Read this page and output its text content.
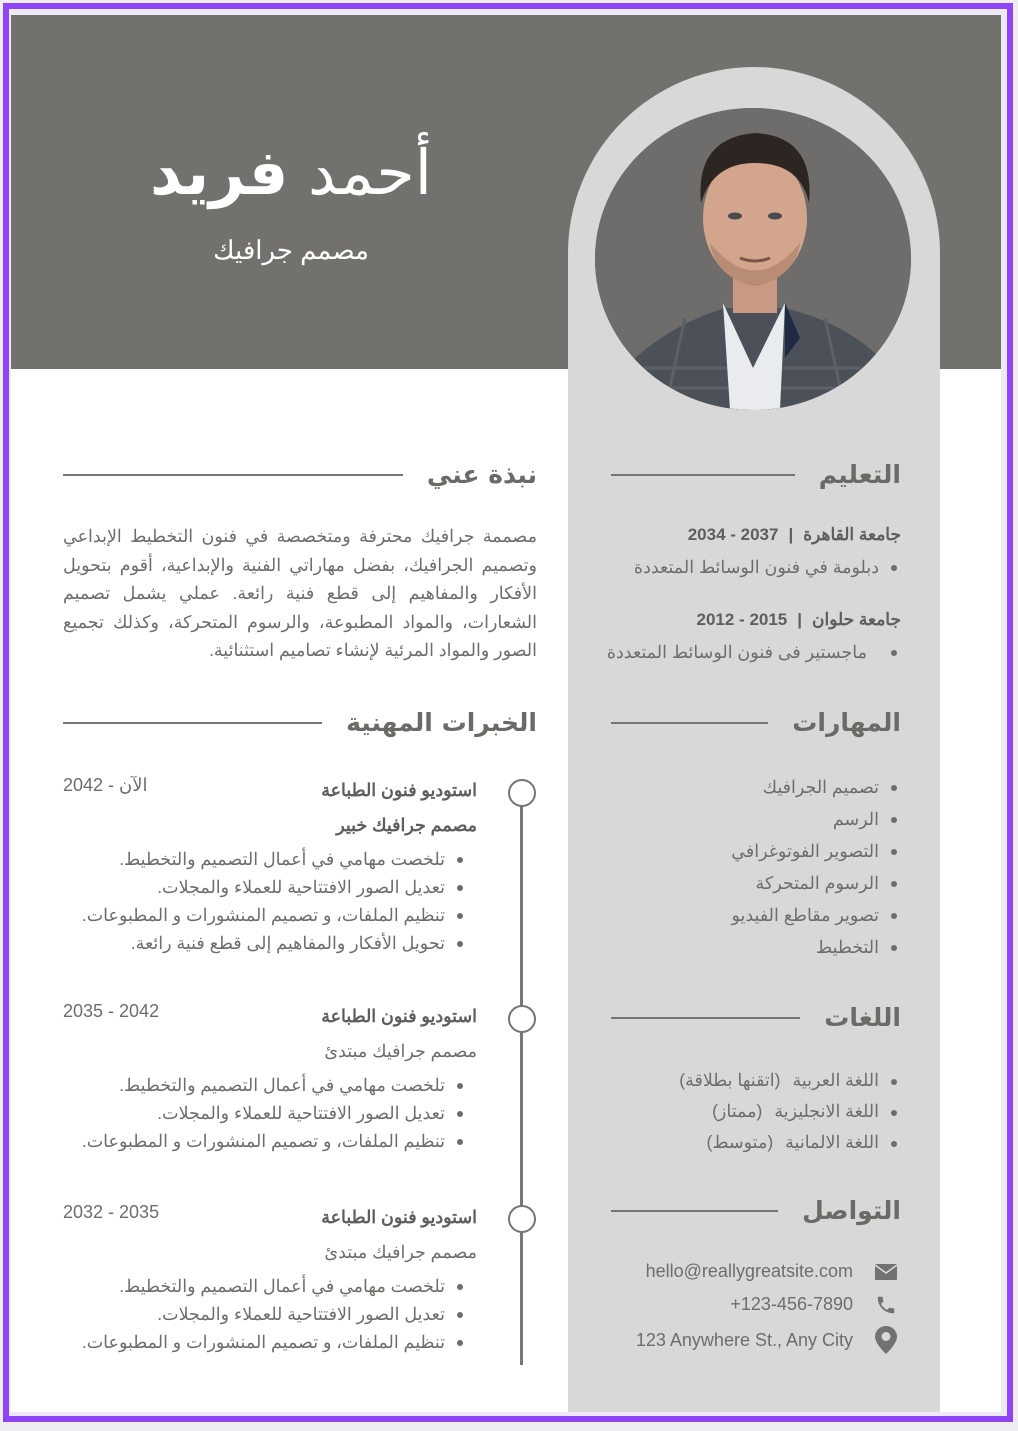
أحمد فريد
مصمم جرافيك
نبذة عني

مصممة جرافيك محترفة ومتخصصة في فنون التخطيط الإبداعي وتصميم الجرافيك، بفضل مهاراتي الفنية والإبداعية، أقوم بتحويل الأفكار والمفاهيم إلى قطع فنية رائعة. عملي يشمل تصميم الشعارات، والمواد المطبوعة، والرسوم المتحركة، وكذلك تجميع الصور والمواد المرئية لإنشاء تصاميم استثنائية.

التعليم
جامعة القاهرة|2034 - 2037
دبلومة في فنون الوسائط المتعددة
جامعة حلوان|2012 - 2015
ماجستير فى فنون الوسائط المتعددة
المهارات
تصميم الجرافيك
الرسم
التصوير الفوتوغرافي
الرسوم المتحركة
تصوير مقاطع الفيديو
التخطيط
اللغات
اللغة العربية(اتقنها بطلاقة)
اللغة الانجليزية(ممتاز)
اللغة الالمانية(متوسط)
التواصل
hello@reallygreatsite.com
+123-456-7890
123 Anywhere St., Any City
الخبرات المهنية
2042 - الآن	استوديو فنون الطباعة
مصمم جرافيك خبير
تلخصت مهامي في أعمال التصميم والتخطيط.
تعديل الصور الافتتاحية للعملاء والمجلات.
تنظيم الملفات، و تصميم المنشورات و المطبوعات.
تحويل الأفكار والمفاهيم إلى قطع فنية رائعة.
2035 - 2042	استوديو فنون الطباعة
مصمم جرافيك مبتدئ
تلخصت مهامي في أعمال التصميم والتخطيط.
تعديل الصور الافتتاحية للعملاء والمجلات.
تنظيم الملفات، و تصميم المنشورات و المطبوعات.
2032 - 2035	استوديو فنون الطباعة
مصمم جرافيك مبتدئ
تلخصت مهامي في أعمال التصميم والتخطيط.
تعديل الصور الافتتاحية للعملاء والمجلات.
تنظيم الملفات، و تصميم المنشورات و المطبوعات.
